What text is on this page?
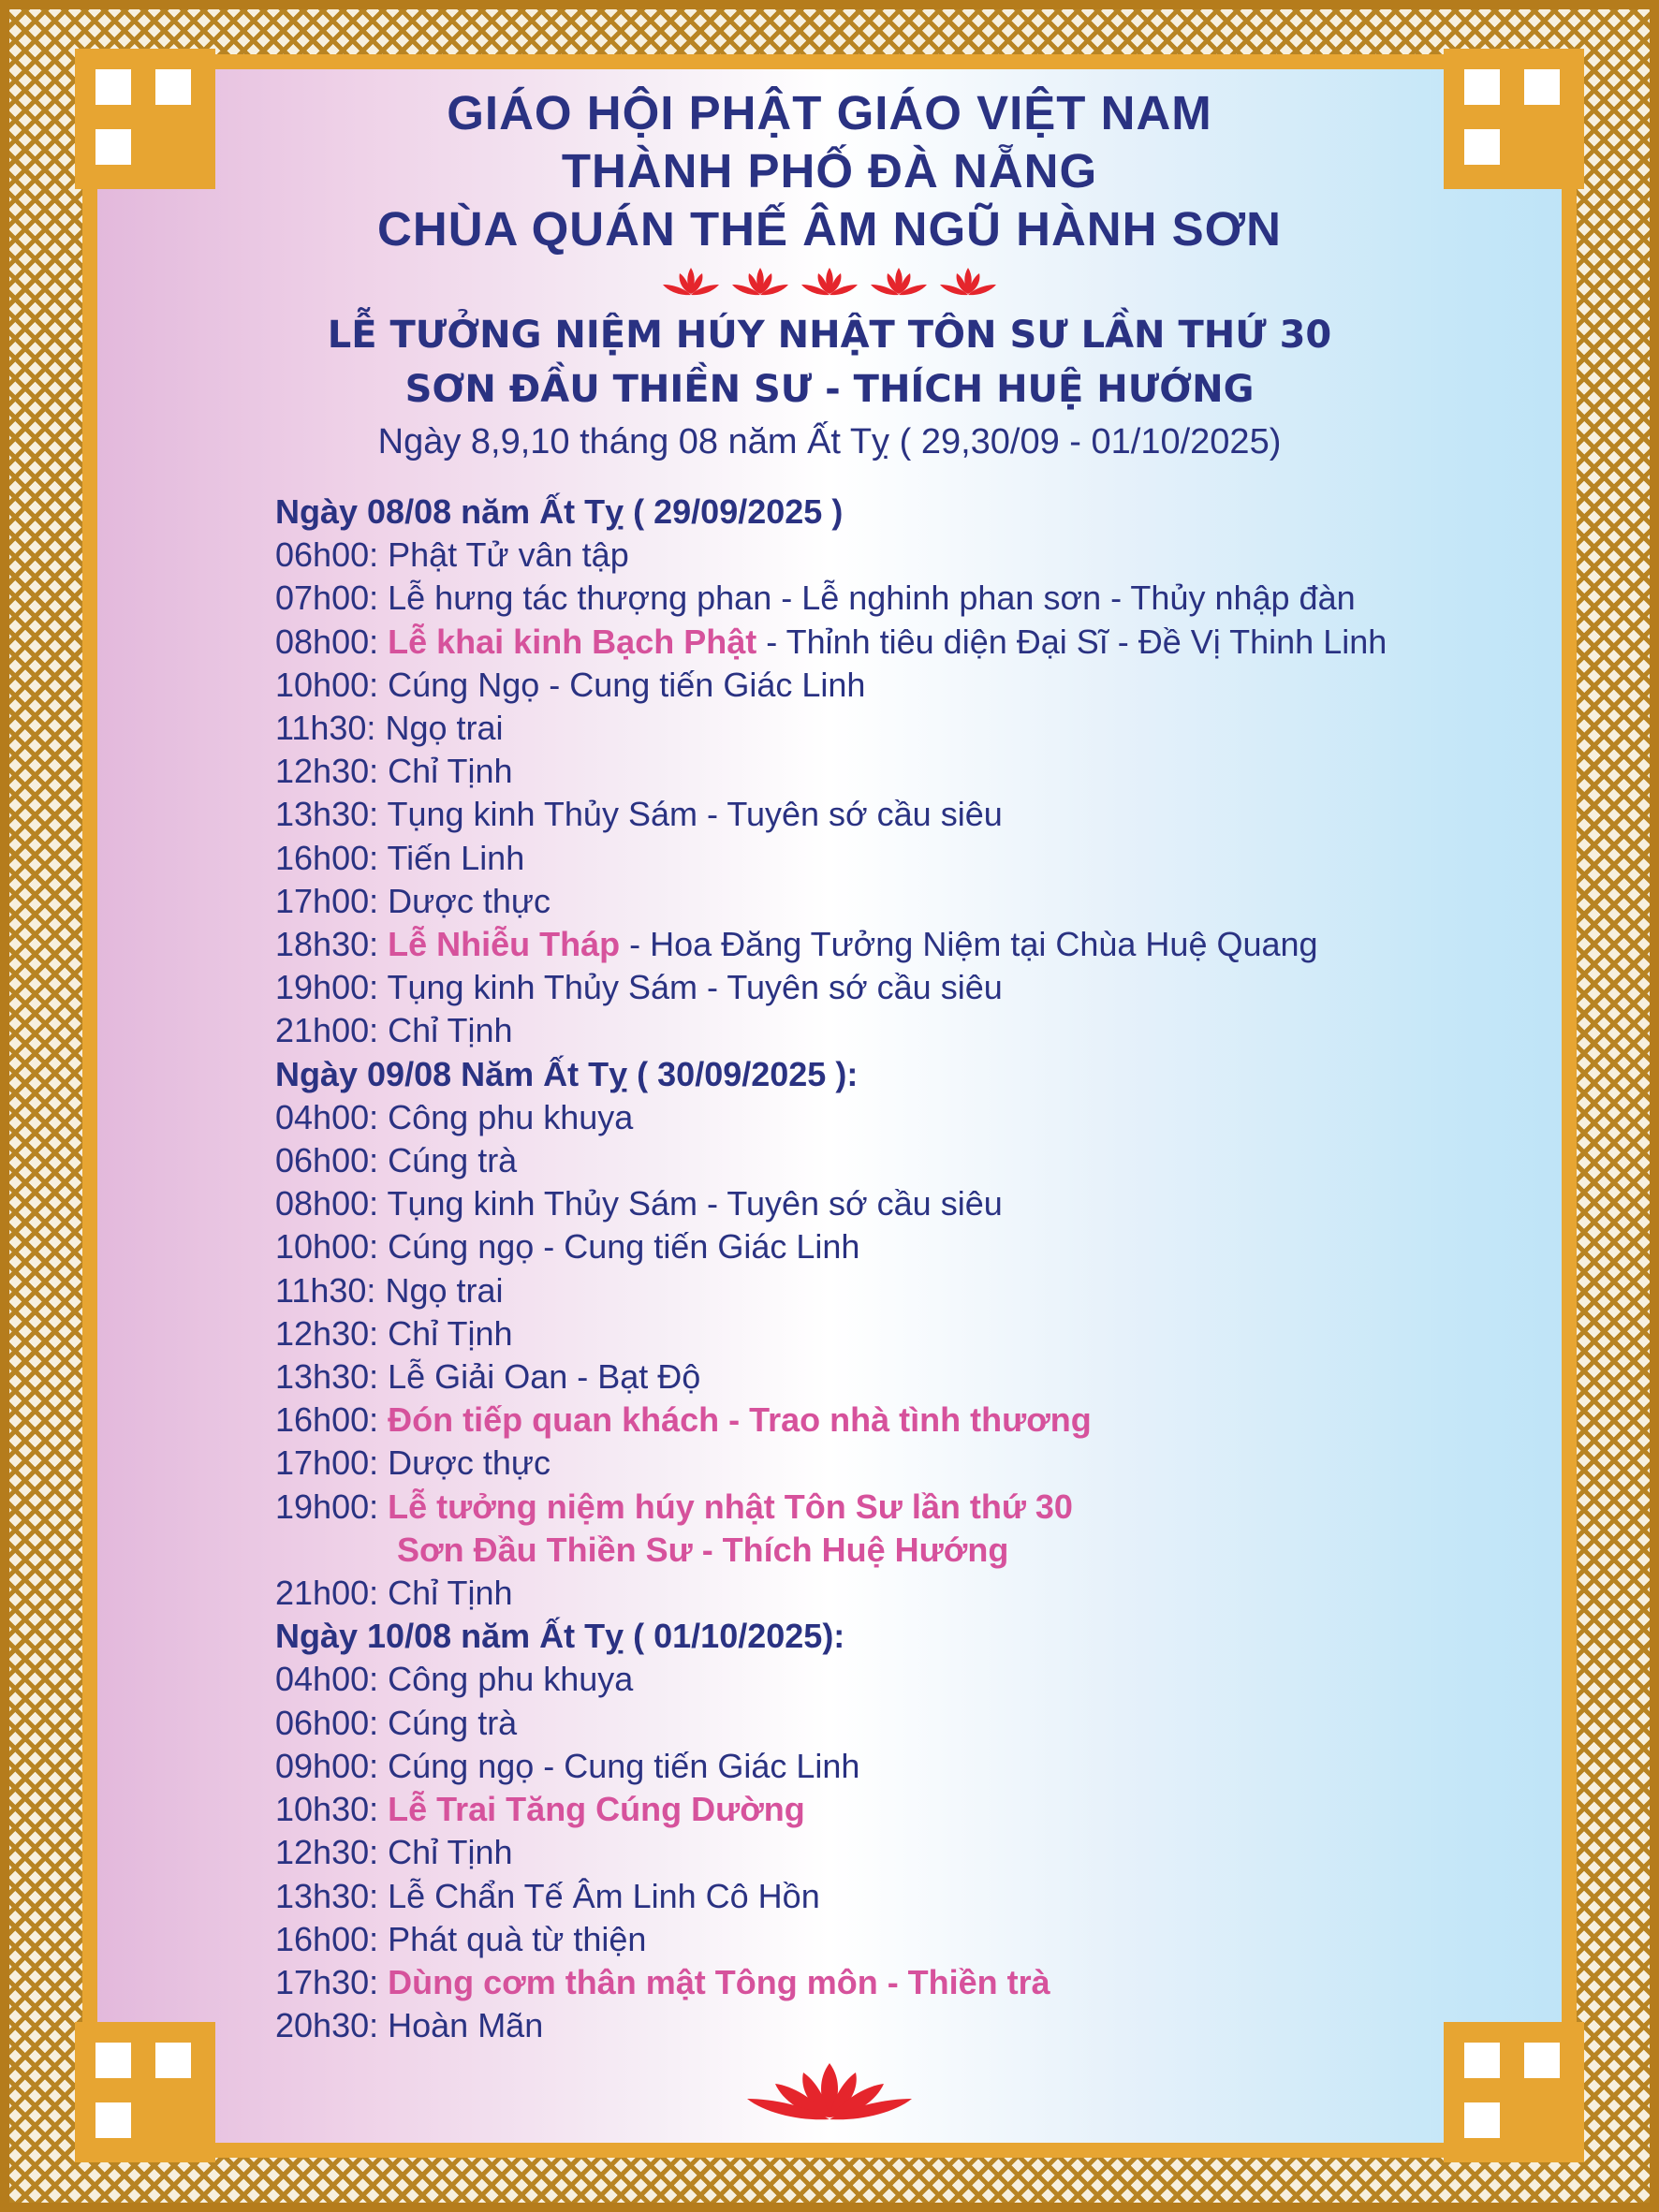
GIÁO HỘI PHẬT GIÁO VIỆT NAM
THÀNH PHỐ ĐÀ NẴNG
CHÙA QUÁN THẾ ÂM NGŨ HÀNH SƠN
LỄ TƯỞNG NIỆM HÚY NHẬT TÔN SƯ LẦN THỨ 30
SƠN ĐẦU THIỀN SƯ - THÍCH HUỆ HƯỚNG
Ngày 8,9,10 tháng 08 năm Ất Tỵ ( 29,30/09 - 01/10/2025)
Ngày 08/08 năm Ất Tỵ ( 29/09/2025 )
06h00: Phật Tử vân tập
07h00: Lễ hưng tác thượng phan - Lễ nghinh phan sơn - Thủy nhập đàn
08h00: Lễ khai kinh Bạch Phật - Thỉnh tiêu diện Đại Sĩ - Đề Vị Thinh Linh
10h00: Cúng Ngọ - Cung tiến Giác Linh
11h30: Ngọ trai
12h30: Chỉ Tịnh
13h30: Tụng kinh Thủy Sám - Tuyên sớ cầu siêu
16h00: Tiến Linh
17h00: Dược thực
18h30: Lễ Nhiễu Tháp - Hoa Đăng Tưởng Niệm tại Chùa Huệ Quang
19h00: Tụng kinh Thủy Sám - Tuyên sớ cầu siêu
21h00: Chỉ Tịnh
Ngày 09/08 Năm Ất Tỵ ( 30/09/2025 ):
04h00: Công phu khuya
06h00: Cúng trà
08h00: Tụng kinh Thủy Sám - Tuyên sớ cầu siêu
10h00: Cúng ngọ - Cung tiến Giác Linh
11h30: Ngọ trai
12h30: Chỉ Tịnh
13h30: Lễ Giải Oan - Bạt Độ
16h00: Đón tiếp quan khách - Trao nhà tình thương
17h00: Dược thực
19h00: Lễ tưởng niệm húy nhật Tôn Sư lần thứ 30
Sơn Đầu Thiền Sư - Thích Huệ Hướng
21h00: Chỉ Tịnh
Ngày 10/08 năm Ất Tỵ ( 01/10/2025):
04h00: Công phu khuya
06h00: Cúng trà
09h00: Cúng ngọ - Cung tiến Giác Linh
10h30: Lễ Trai Tăng Cúng Dường
12h30: Chỉ Tịnh
13h30: Lễ Chẩn Tế Âm Linh Cô Hồn
16h00: Phát quà từ thiện
17h30: Dùng cơm thân mật Tông môn - Thiền trà
20h30: Hoàn Mãn
